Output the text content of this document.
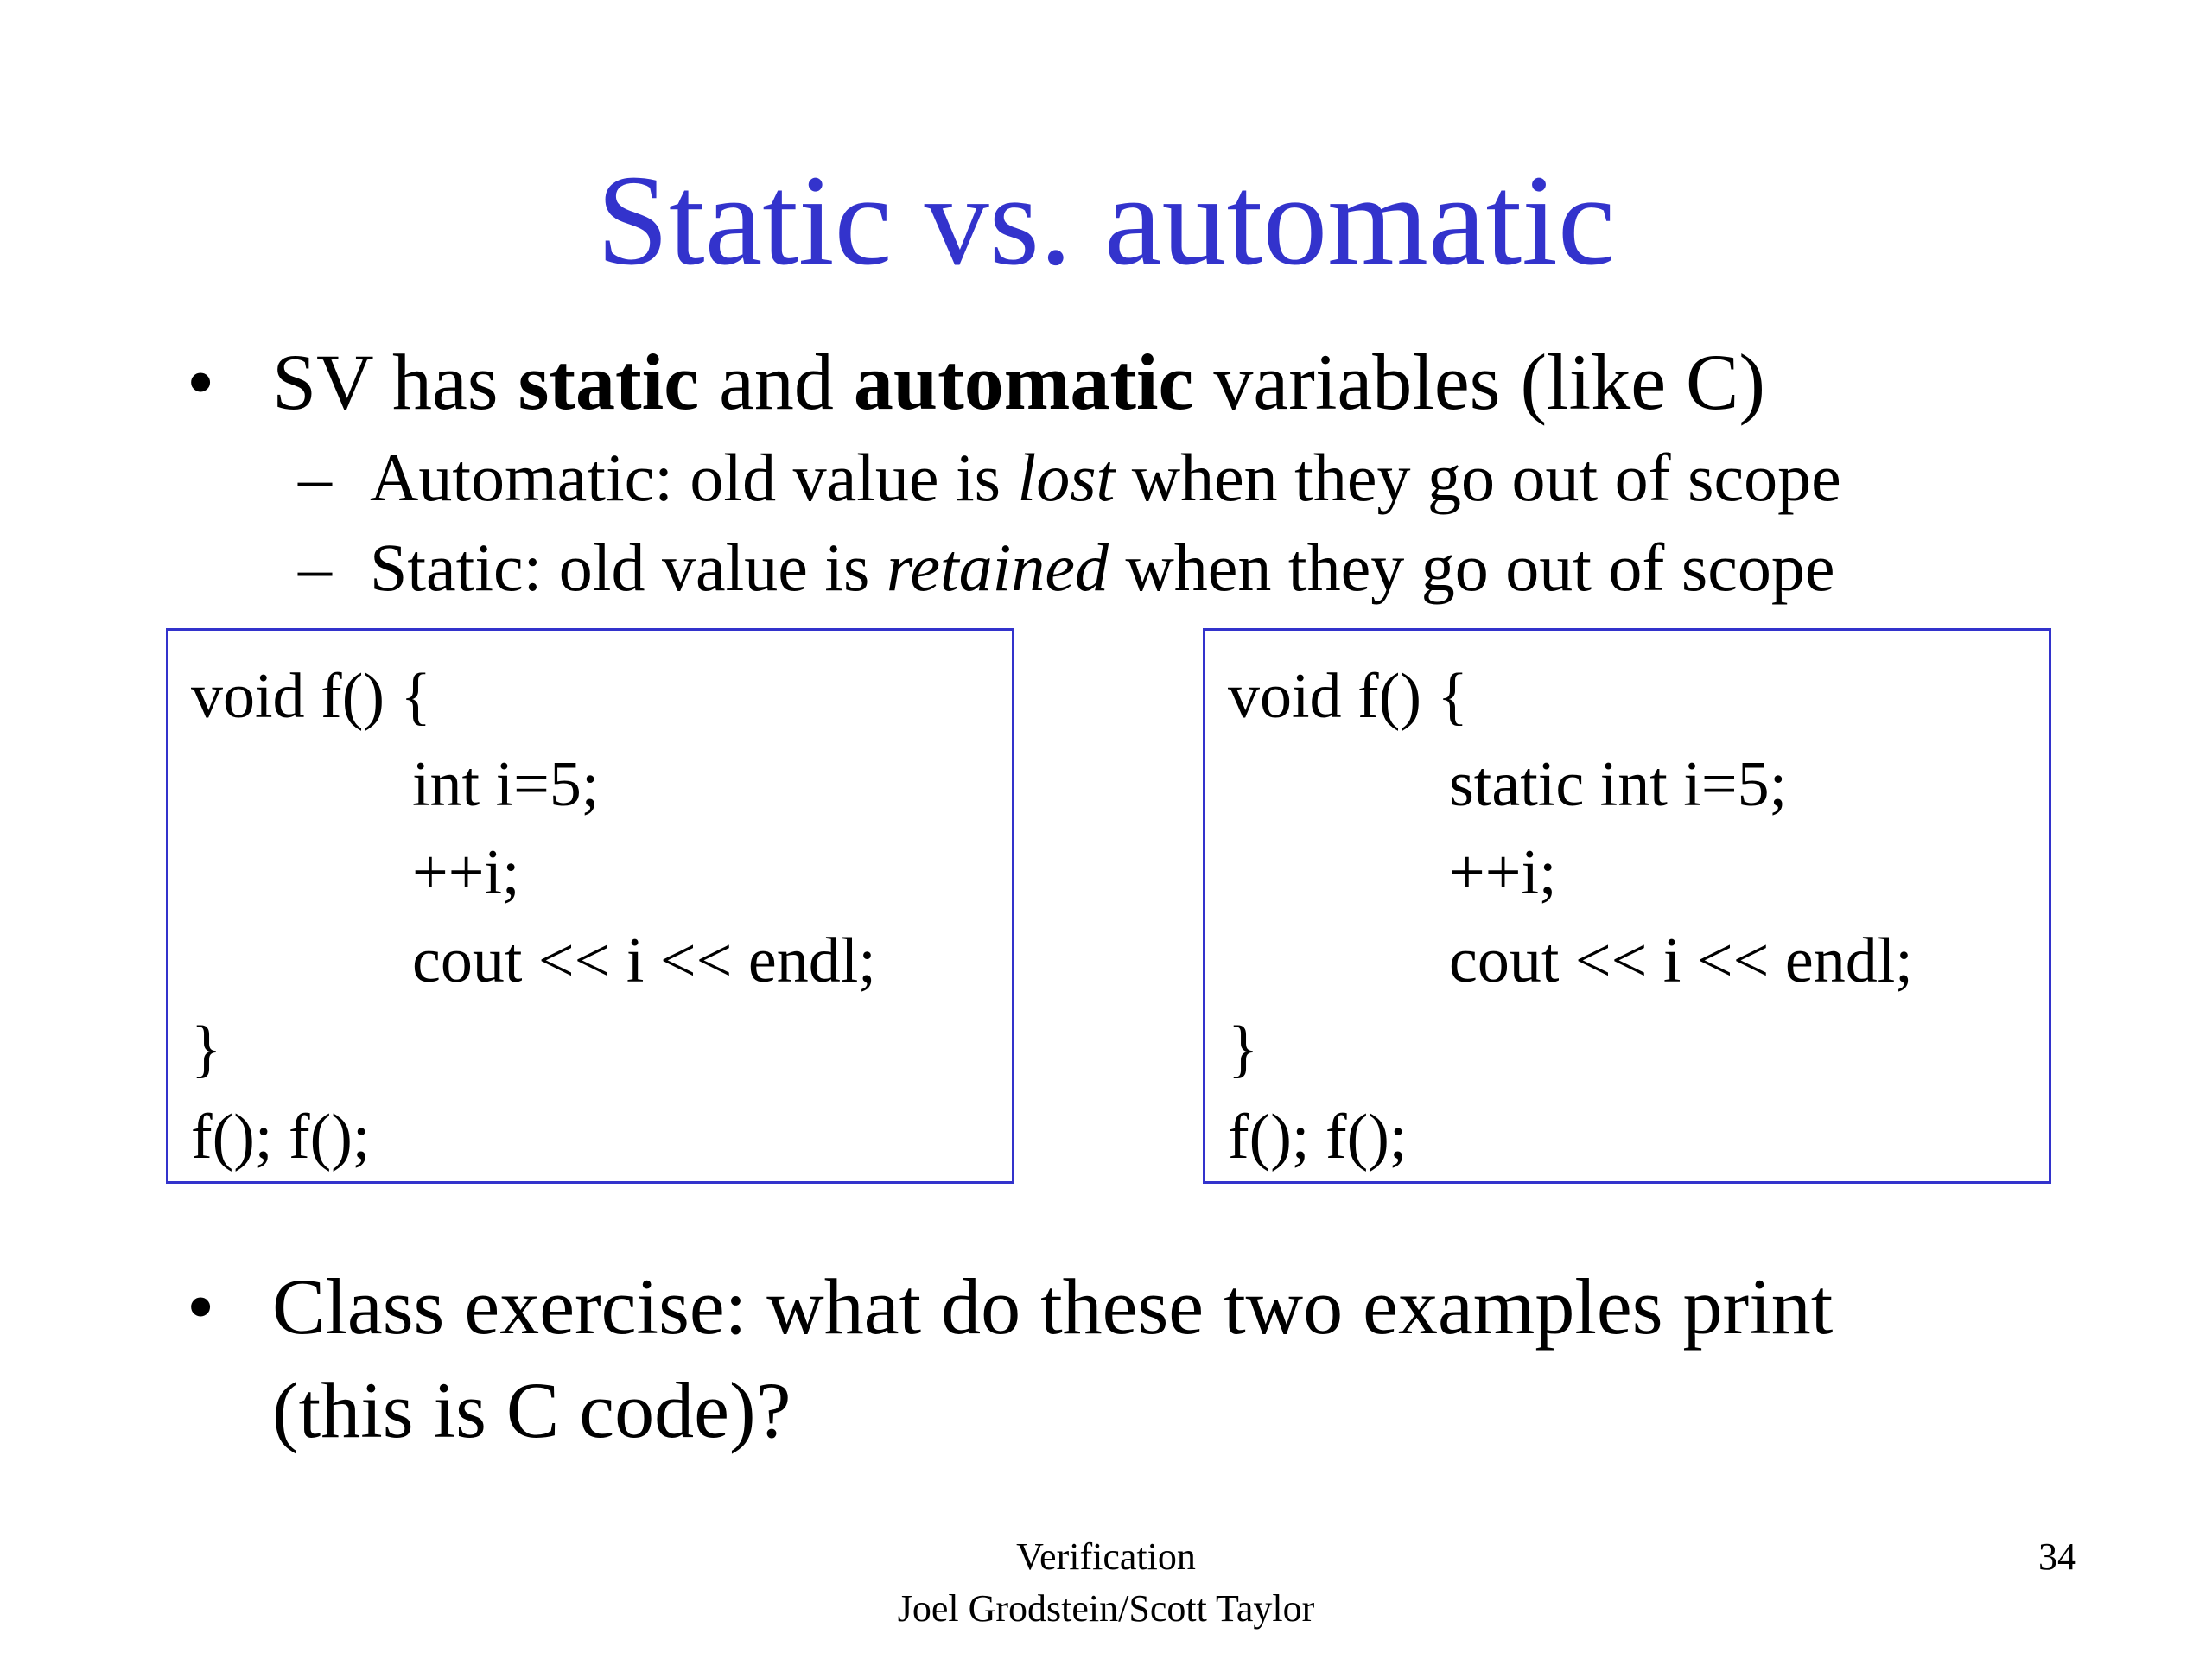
Static vs. automatic
• SV has static and automatic variables (like C)
– Automatic: old value is lost when they go out of scope
– Static: old value is retained when they go out of scope
void f() {
int i=5;
++i;
cout << i << endl;
}
f(); f();
void f() {
static int i=5;
++i;
cout << i << endl;
}
f(); f();
• Class exercise: what do these two examples print
(this is C code)?
Verification
Joel Grodstein/Scott Taylor
34
